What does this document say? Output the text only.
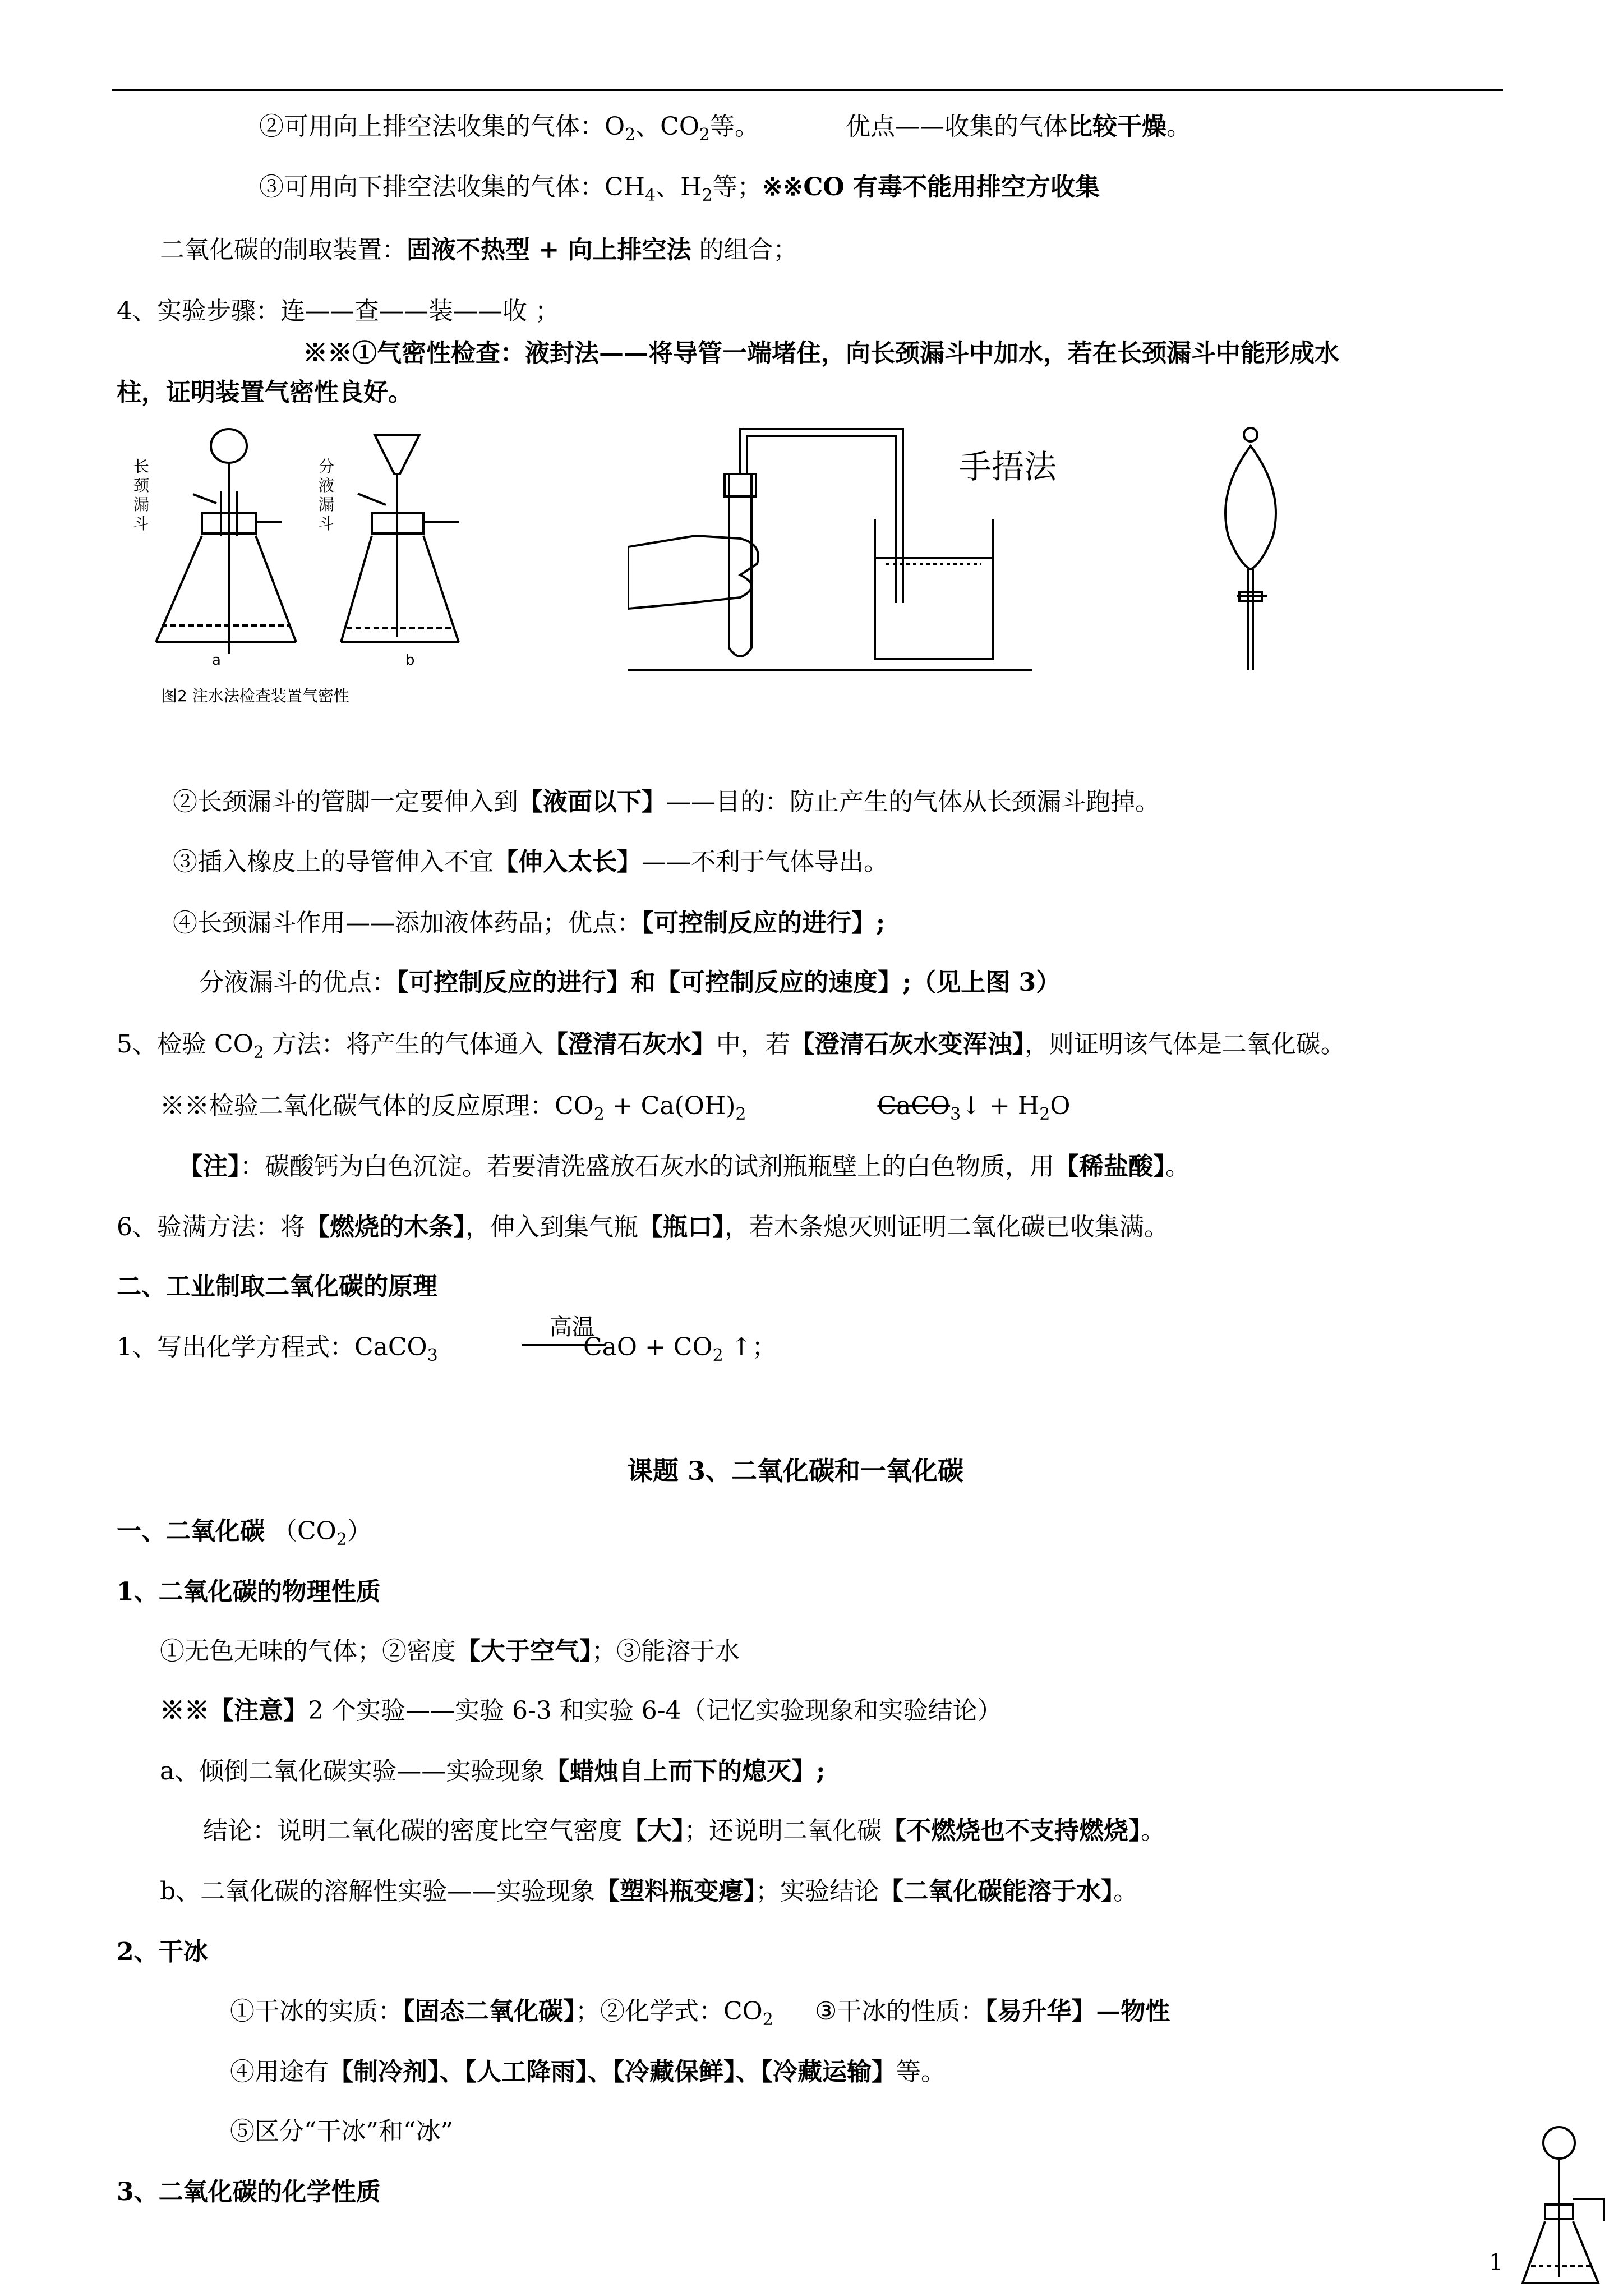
②可用向上排空法收集的气体：$O_2$、$CO_2$等。	优点——收集的气体比较干燥。
③可用向下排空法收集的气体：$CH_4$、$H_2$等；※※CO 有毒不能用排空方收集
二氧化碳的制取装置：固液不热型 + 向上排空法 的组合；
4、实验步骤：连——查——装——收 ；
※※①气密性检查：液封法——将导管一端堵住，向长颈漏斗中加水，若在长颈漏斗中能形成水
柱，证明装置气密性良好。
a	b
图2 注水法检查装置气密性
长颈漏斗
分液漏斗
手捂法
②长颈漏斗的管脚一定要伸入到【液面以下】——目的：防止产生的气体从长颈漏斗跑掉。
③插入橡皮上的导管伸入不宜【伸入太长】——不利于气体导出。
④长颈漏斗作用——添加液体药品；优点：【可控制反应的进行】;
分液漏斗的优点：【可控制反应的进行】和【可控制反应的速度】;（见上图 3）
5、检验 $CO_2$ 方法：将产生的气体通入【澄清石灰水】中，若【澄清石灰水变浑浊】，则证明该气体是二氧化碳。
※※检验二氧化碳气体的反应原理：$CO_2 + Ca(OH)_2$	CaCO$_3$↓ + $H_2O$
【注】：碳酸钙为白色沉淀。若要清洗盛放石灰水的试剂瓶瓶壁上的白色物质，用【稀盐酸】。
6、验满方法：将【燃烧的木条】，伸入到集气瓶【瓶口】，若木条熄灭则证明二氧化碳已收集满。
二、工业制取二氧化碳的原理
1、写出化学方程式：CaCO$_3$
高温
CaO + $CO_2$ ↑；
课题 3、二氧化碳和一氧化碳
一、二氧化碳 $(CO_2)$
1、二氧化碳的物理性质
①无色无味的气体；②密度【大于空气】；③能溶于水
※※【注意】2 个实验——实验 6-3 和实验 6-4（记忆实验现象和实验结论）
a、倾倒二氧化碳实验——实验现象【蜡烛自上而下的熄灭】;
结论：说明二氧化碳的密度比空气密度【大】；还说明二氧化碳【不燃烧也不支持燃烧】。
b、二氧化碳的溶解性实验——实验现象【塑料瓶变瘪】；实验结论【二氧化碳能溶于水】。
2、干冰
①干冰的实质：【固态二氧化碳】；②化学式：$CO_2$ ③干冰的性质：【易升华】—物性
④用途有【制冷剂】、【人工降雨】、【冷藏保鲜】、【冷藏运输】等。
⑤区分“干冰”和“冰”
3、二氧化碳的化学性质
1
